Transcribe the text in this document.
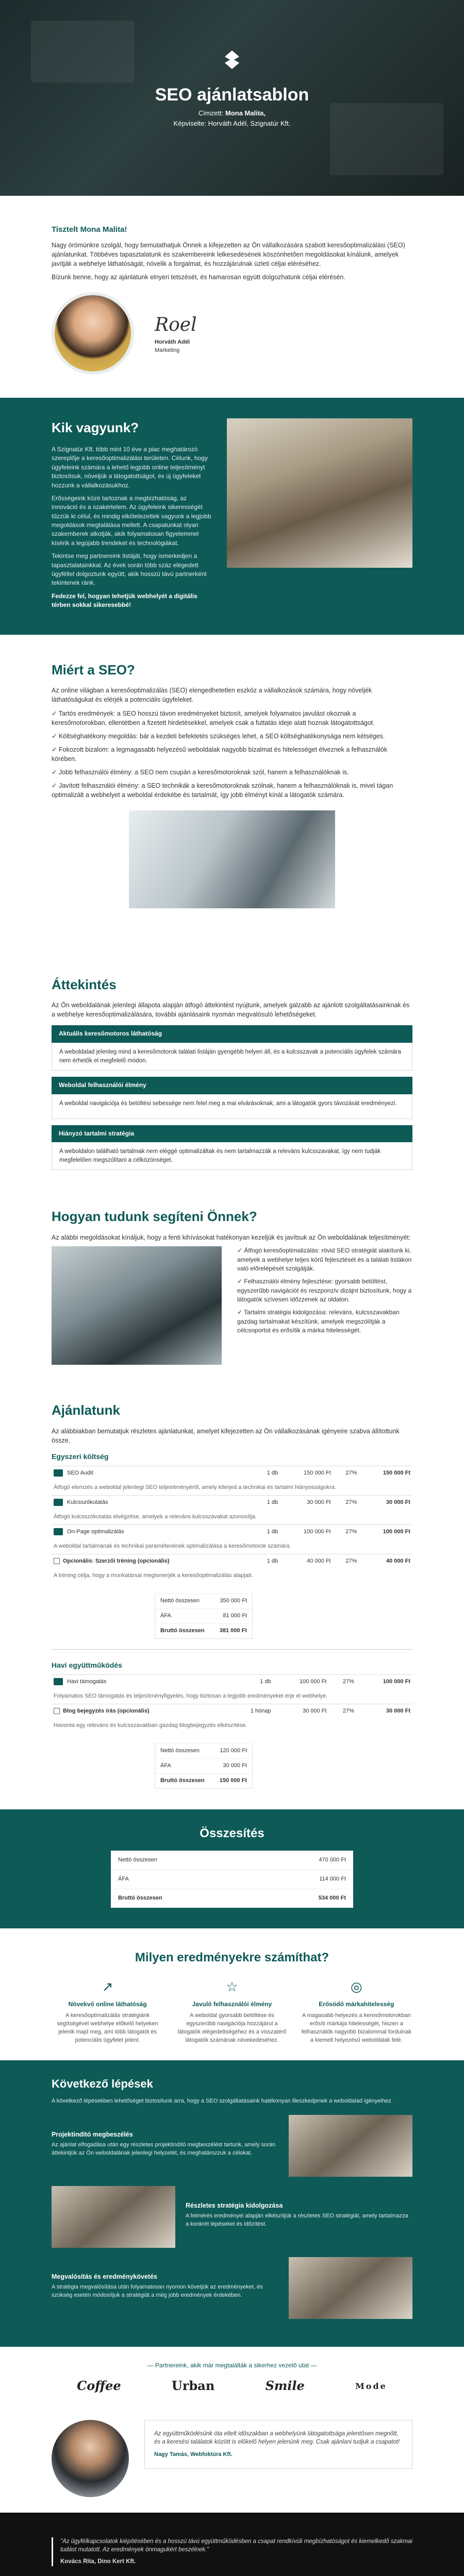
SEO ajánlatsablon
Címzett: Mona Malita,
Képviselte: Horváth Adél, Szignatúr Kft.
Tisztelt Mona Malita!

Nagy örömünkre szolgál, hogy bemutathatjuk Önnek a kifejezetten az Ön vállalkozására szabott keresőoptimalizálási (SEO) ajánlatunkat. Többéves tapasztalatunk és szakembereink lelkesedésének köszönhetően megoldásokat kínálunk, amelyek javítják a webhelye láthatóságát, növelik a forgalmat, és hozzájárulnak üzleti céljai eléréséhez.

Bízunk benne, hogy az ajánlatunk elnyeri tetszését, és hamarosan együtt dolgozhatunk céljai elérésén.

Roel
Horváth Adél
Marketing
Kik vagyunk?

A Szignatúr Kft. több mint 10 éve a piac meghatározó szereplője a keresőoptimalizálási területen. Célunk, hogy ügyfeleink számára a lehető legjobb online teljesítményt biztosítsuk, növeljük a látogatottságot, és új ügyfeleket hozzunk a vállalkozásukhoz.

Erősségeink közé tartoznak a megbízhatóság, az innováció és a szakértelem. Az ügyfeleink sikerességét tűzzük ki célul, és mindig elkötelezettek vagyunk a legjobb megoldások megtalálása mellett. A csapatunkat olyan szakemberek alkotják, akik folyamatosan figyelemmel kísérik a legújabb trendeket és technológiákat.

Tekintse meg partnereink listáját, hogy ismerkedjen a tapasztalatainkkal. Az évek során több száz elégedett ügyféllel dolgoztunk együtt, akik hosszú távú partnerként tekintenek ránk.

Fedezze fel, hogyan tehetjük webhelyét a digitális térben sokkal sikeresebbé!

Miért a SEO?

Az online világban a keresőoptimalizálás (SEO) elengedhetetlen eszköz a vállalkozások számára, hogy növeljék láthatóságukat és elérjék a potenciális ügyfeleket.

✓ Tartós eredmények: a SEO hosszú távon eredményeket biztosít, amelyek folyamatos javulást okoznak a keresőmotorokban, ellentétben a fizetett hirdetésekkel, amelyek csak a futtatás ideje alatt hoznak látogatottságot.

✓ Költséghatékony megoldás: bár a kezdeti befektetés szükséges lehet, a SEO költséghatékonysága nem kétséges.

✓ Fokozott bizalom: a legmagasabb helyezésű weboldalak nagyobb bizalmat és hitelességet élveznek a felhasználók körében.

✓ Jobb felhasználói élmény: a SEO nem csupán a keresőmotoroknak szól, hanem a felhasználóknak is.

✓ Javított felhasználói élmény: a SEO technikák a keresőmotoroknak szólnak, hanem a felhasználóknak is, mivel tágan optimalizált a webhelyet a weboldal érdekébe és tartalmát, így jobb élményt kínál a látogatók számára.

Áttekintés

Az Ön weboldalának jelenlegi állapota alapján átfogó áttekintést nyújtunk, amelyek galzabb az ajánlott szolgáltatásainknak és a webhelye keresőoptimalizálására, további ajánlásaink nyomán megvalósuló lehetőségeket.

Aktuális keresőmotoros láthatóság
A weboldalad jelenleg mind a keresőmotorok találati listáján gyengébb helyen áll, és a kulcsszavak a potenciális ügyfelek számára nem érhetők el megfelelő módon.
Weboldal felhasználói élmény
A weboldal navigációja és betöltési sebessége nem felel meg a mai elvárásoknak, ami a látogatók gyors távozását eredményezi.
Hiányzó tartalmi stratégia
A weboldalon található tartalmak nem eléggé optimalizáltak és nem tartalmazzák a releváns kulcsszavakat, így nem tudják megfelelően megszólítani a célközönséget.
Hogyan tudunk segíteni Önnek?

Az alábbi megoldásokat kínáljuk, hogy a fenti kihívásokat hatékonyan kezeljük és javítsuk az Ön weboldalának teljesítményét:

✓ Átfogó keresőoptimalizálás: rövid SEO stratégiát alakítunk ki, amelyek a webhelye teljes körű fejlesztését és a találati listákon való előrelépését szolgálják.

✓ Felhasználói élmény fejlesztése: gyorsabb betöltést, egyszerűbb navigációt és reszponzív dizájnt biztosítunk, hogy a látogatók szívesen időzzenek az oldalon.

✓ Tartalmi stratégia kidolgozása: releváns, kulcsszavakban gazdag tartalmakat készítünk, amelyek megszólítják a célcsoportot és erősítik a márka hitelességét.

Ajánlatunk

Az alábbiakban bemutatjuk részletes ajánlatunkat, amelyet kifejezetten az Ön vállalkozásának igényeire szabva állítottunk össze.

Egyszeri költség
SEO Audit	1 db	150 000 Ft	27%	150 000 Ft
Átfogó elemzés a weboldal jelenlegi SEO teljesítményéről, amely kiterjed a technikai és tartalmi hiányosságokra.				
Kulcsszókutatás	1 db	30 000 Ft	27%	30 000 Ft
Átfogó kulcsszókutatás elvégzése, amelyek a releváns kulcsszavakat azonosítja.				
On-Page optimalizálás	1 db	100 000 Ft	27%	100 000 Ft
A weboldal tartalmának és technikai paramétereinek optimalizálása a keresőmotorok számára.				
Opcionális: Szerzői tréning (opcionális)	1 db	40 000 Ft	27%	40 000 Ft
A tréning célja, hogy a munkatársai megismerjék a keresőoptimalizálás alapjait.				
Nettó összesen	350 000 Ft
ÁFA	81 000 Ft
Bruttó összesen	381 000 Ft
Havi együttműködés
Havi támogatás	1 db	100 000 Ft	27%	100 000 Ft
Folyamatos SEO támogatás és teljesítményfigyelés, hogy biztosan a legjobb eredményeket érje el webhelye.				
Blog bejegyzés írás (opcionális)	1 hónap	30 000 Ft	27%	30 000 Ft
Havonta egy releváns és kulcsszavakban gazdag blogbejegyzés elkészítése.				
Nettó összesen	120 000 Ft
ÁFA	30 000 Ft
Bruttó összesen	150 000 Ft
Összesítés
Nettó összesen	470 000 Ft
ÁFA	114 000 Ft
Bruttó összesen	534 000 Ft
Milyen eredményekre számíthat?
↗
Növekvő online láthatóság
A keresőoptimalizálás stratégiánk segítségével webhelye előkelő helyeken jelenik majd meg, ami több látogatót és potenciális ügyfelet jelent.
☆
Javuló felhasználói élmény
A weboldal gyorsabb betöltése és egyszerűbb navigációja hozzájárul a látogatók elégedettségéhez és a visszatérő látogatók számának növekedéséhez.
◎
Erősödő márkahitelesség
A magasabb helyezés a keresőmotorokban erősíti márkája hitelességét, hiszen a felhasználók nagyobb bizalommal fordulnak a kiemelt helyezésű weboldalak felé.
Következő lépések

A következő lépésekben lehetőséget biztosítunk arra, hogy a SEO szolgáltatásaink hatékonyan illeszkedjenek a weboldalad igényeihez.

Projektindító megbeszélés

Az ajánlat elfogadása után egy részletes projektindító megbeszélést tartunk, amely során áttekintjük az Ön weboldalának jelenlegi helyzetét, és meghatározzuk a célokat.

Részletes stratégia kidolgozása

A felmérés eredményei alapján elkészítjük a részletes SEO stratégiát, amely tartalmazza a konkrét lépéseket és időzítést.

Megvalósítás és eredménykövetés

A stratégia megvalósítása után folyamatosan nyomon követjük az eredményeket, és szükség esetén módosítjuk a stratégiát a még jobb eredmények érdekében.

— Partnereink, akik már megtalálták a sikerhez vezető utat —
Coffee	Urban	Smile	Mode
Az együttműködésünk óta eltelt időszakban a webhelyünk látogatottsága jelentősen megnőtt, és a keresési találatok között is előkelő helyen jelenünk meg. Csak ajánlani tudjuk a csapatot!
Nagy Tamás, Webfoktúra Kft.
"Az ügyfélkapcsolatok kiépítésében és a hosszú távú együttműködésben a csapat rendkívüli megbízhatóságot és kiemelkedő szakmai tudást mutatott. Az eredmények önmagukért beszélnek."
Kovács Rita, Dino Kert Kft.
